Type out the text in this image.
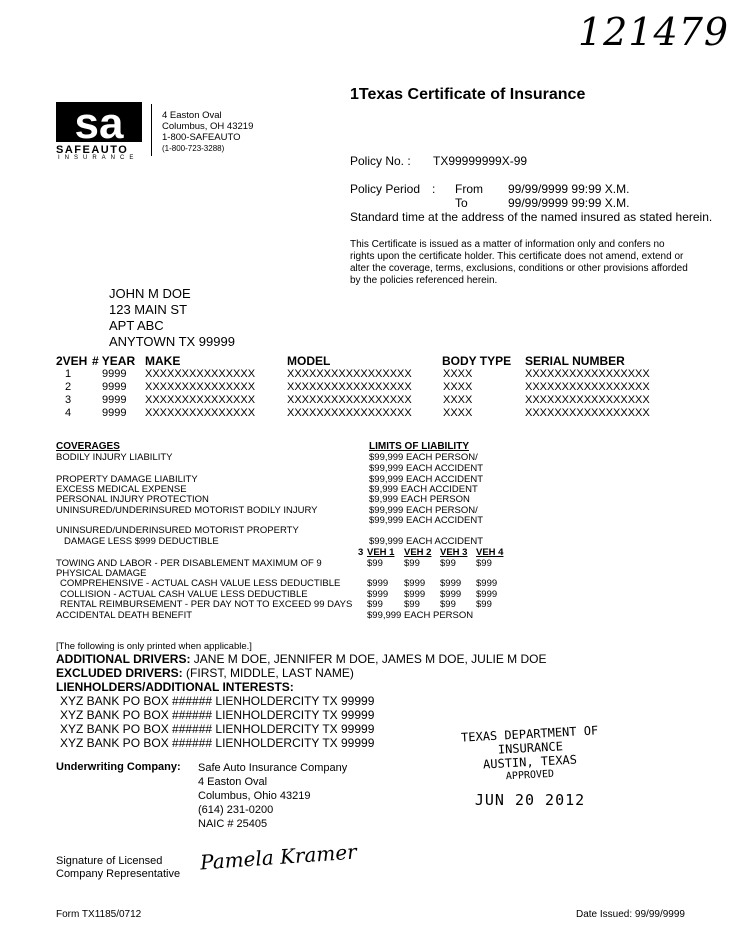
121479
sa
SAFEAUTO
INSURANCE
4 Easton Oval
Columbus, OH 43219
1-800-SAFEAUTO
(1-800-723-3288)
1Texas Certificate of Insurance
Policy No. : TX99999999X-99
Policy Period : From 99/99/9999 99:99 X.M.
To	99/99/9999 99:99 X.M.
Standard time at the address of the named insured as stated herein.
This Certificate is issued as a matter of information only and confers no
rights upon the certificate holder. This certificate does not amend, extend or
alter the coverage, terms, exclusions, conditions or other provisions afforded
by the policies referenced herein.
JOHN M DOE
123 MAIN ST
APT ABC
ANYTOWN TX 99999
2VEH # YEAR MAKE	MODEL	BODY TYPE SERIAL NUMBER
1	9999 XXXXXXXXXXXXXXX	XXXXXXXXXXXXXXXXX	XXXX	XXXXXXXXXXXXXXXXX
2	9999 XXXXXXXXXXXXXXX	XXXXXXXXXXXXXXXXX	XXXX	XXXXXXXXXXXXXXXXX
3	9999 XXXXXXXXXXXXXXX	XXXXXXXXXXXXXXXXX	XXXX	XXXXXXXXXXXXXXXXX
4	9999 XXXXXXXXXXXXXXX	XXXXXXXXXXXXXXXXX	XXXX	XXXXXXXXXXXXXXXXX
COVERAGES	LIMITS OF LIABILITY
BODILY INJURY LIABILITY	$99,999 EACH PERSON/
$99,999 EACH ACCIDENT
PROPERTY DAMAGE LIABILITY	$99,999 EACH ACCIDENT
EXCESS MEDICAL EXPENSE	$9,999 EACH ACCIDENT
PERSONAL INJURY PROTECTION	$9,999 EACH PERSON
UNINSURED/UNDERINSURED MOTORIST BODILY INJURY	$99,999 EACH PERSON/
$99,999 EACH ACCIDENT
UNINSURED/UNDERINSURED MOTORIST PROPERTY
DAMAGE LESS $999 DEDUCTIBLE	$99,999 EACH ACCIDENT
3 VEH 1 VEH 2 VEH 3 VEH 4
TOWING AND LABOR - PER DISABLEMENT MAXIMUM OF 9	$99 $99 $99 $99
PHYSICAL DAMAGE
COMPREHENSIVE - ACTUAL CASH VALUE LESS DEDUCTIBLE	$999 $999 $999 $999
COLLISION - ACTUAL CASH VALUE LESS DEDUCTIBLE	$999 $999 $999 $999
RENTAL REIMBURSEMENT - PER DAY NOT TO EXCEED 99 DAYS $99 $99 $99 $99
ACCIDENTAL DEATH BENEFIT	$99,999 EACH PERSON
[The following is only printed when applicable.]
ADDITIONAL DRIVERS: JANE M DOE, JENNIFER M DOE, JAMES M DOE, JULIE M DOE
EXCLUDED DRIVERS: (FIRST, MIDDLE, LAST NAME)
LIENHOLDERS/ADDITIONAL INTERESTS:
XYZ BANK PO BOX ###### LIENHOLDERCITY TX 99999
XYZ BANK PO BOX ###### LIENHOLDERCITY TX 99999
XYZ BANK PO BOX ###### LIENHOLDERCITY TX 99999
XYZ BANK PO BOX ###### LIENHOLDERCITY TX 99999
Underwriting Company: Safe Auto Insurance Company
4 Easton Oval
Columbus, Ohio 43219
(614) 231-0200
NAIC # 25405
TEXAS DEPARTMENT OF INSURANCE
AUSTIN, TEXAS
APPROVED
JUN 20 2012
Signature of Licensed
Company Representative Pamela Kramer
Form TX1185/0712	Date Issued: 99/99/9999
